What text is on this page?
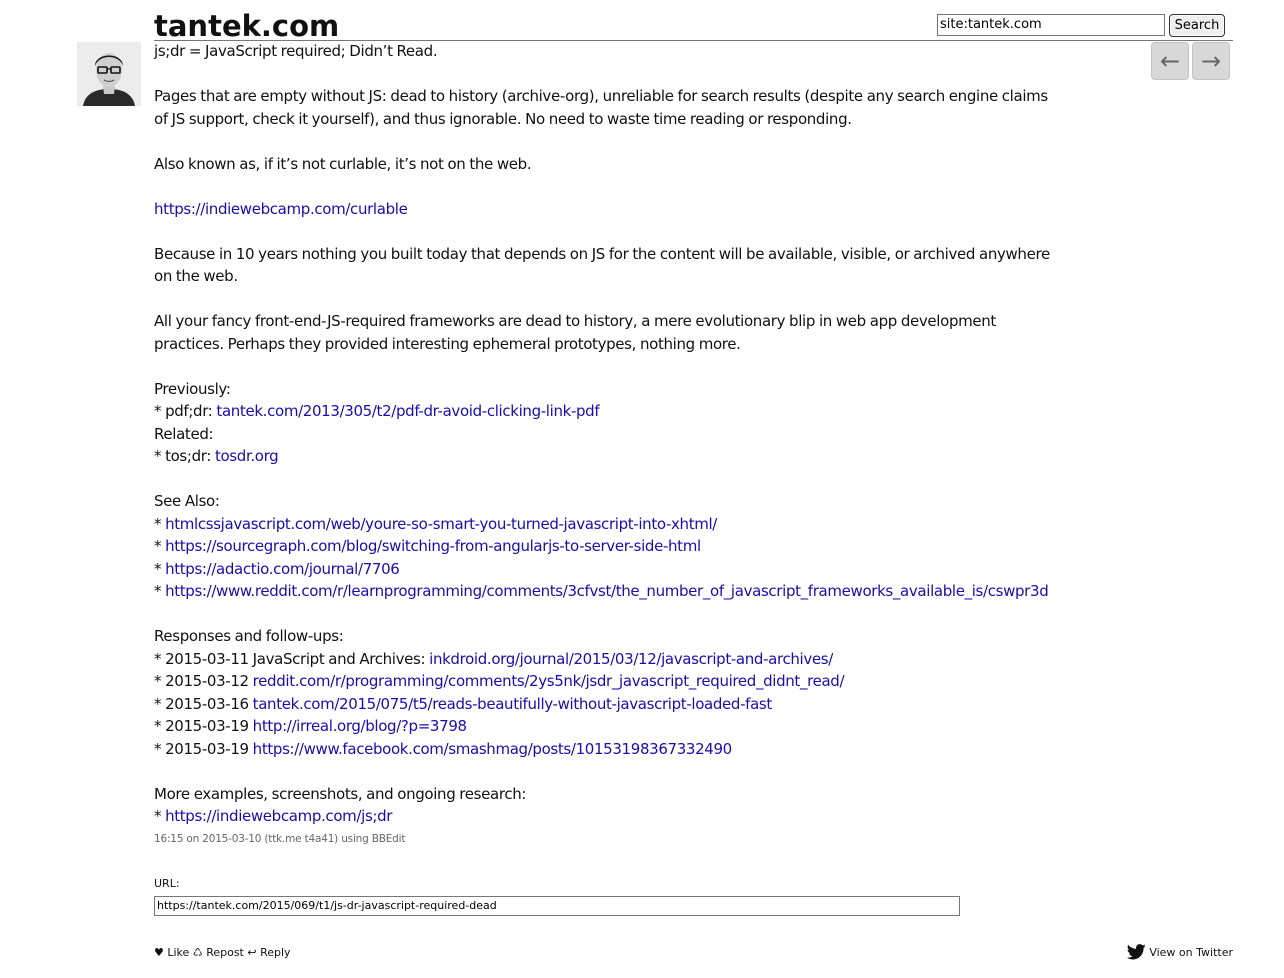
tantek.com
site:tantek.com	Search
← →
js;dr = JavaScript required; Didn’t Read.
Pages that are empty without JS: dead to history (archive-org), unreliable for search results (despite any search engine claims of JS support, check it yourself), and thus ignorable. No need to waste time reading or responding.
Also known as, if it’s not curlable, it’s not on the web.
https://indiewebcamp.com/curlable
Because in 10 years nothing you built today that depends on JS for the content will be available, visible, or archived anywhere on the web.
All your fancy front-end-JS-required frameworks are dead to history, a mere evolutionary blip in web app development practices. Perhaps they provided interesting ephemeral prototypes, nothing more.
Previously:
* pdf;dr: tantek.com/2013/305/t2/pdf-dr-avoid-clicking-link-pdf
Related:
* tos;dr: tosdr.org
See Also:
* htmlcssjavascript.com/web/youre-so-smart-you-turned-javascript-into-xhtml/
* https://sourcegraph.com/blog/switching-from-angularjs-to-server-side-html
* https://adactio.com/journal/7706
* https://www.reddit.com/r/learnprogramming/comments/3cfvst/the_number_of_javascript_frameworks_available_is/cswpr3d
Responses and follow-ups:
* 2015-03-11 JavaScript and Archives: inkdroid.org/journal/2015/03/12/javascript-and-archives/
* 2015-03-12 reddit.com/r/programming/comments/2ys5nk/jsdr_javascript_required_didnt_read/
* 2015-03-16 tantek.com/2015/075/t5/reads-beautifully-without-javascript-loaded-fast
* 2015-03-19 http://irreal.org/blog/?p=3798
* 2015-03-19 https://www.facebook.com/smashmag/posts/10153198367332490
More examples, screenshots, and ongoing research:
* https://indiewebcamp.com/js;dr
16:15 on 2015-03-10 (ttk.me t4a41) using BBEdit
URL:
https://tantek.com/2015/069/t1/js-dr-javascript-required-dead
♥ Like ♺ Repost ↩ Reply	View on Twitter
